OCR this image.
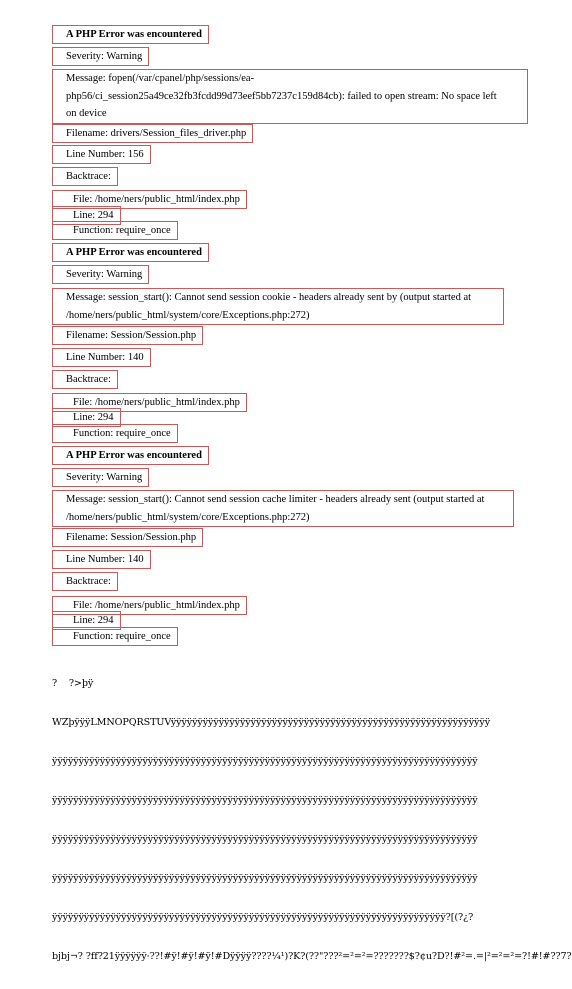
A PHP Error was encountered
Severity: Warning
Message: fopen(/var/cpanel/php/sessions/ea-
php56/ci_session25a49ce32fb3fcdd99d73eef5bb7237c159d84cb): failed to open stream: No space left
on device
Filename: drivers/Session_files_driver.php
Line Number: 156
Backtrace:
File: /home/ners/public_html/index.php
Line: 294
Function: require_once
A PHP Error was encountered
Severity: Warning
Message: session_start(): Cannot send session cookie - headers already sent by (output started at
/home/ners/public_html/system/core/Exceptions.php:272)
Filename: Session/Session.php
Line Number: 140
Backtrace:
File: /home/ners/public_html/index.php
Line: 294
Function: require_once
A PHP Error was encountered
Severity: Warning
Message: session_start(): Cannot send session cache limiter - headers already sent (output started at
/home/ners/public_html/system/core/Exceptions.php:272)
Filename: Session/Session.php
Line Number: 140
Backtrace:
File: /home/ners/public_html/index.php
Line: 294
Function: require_once

?    ?>þÿ

WZþÿÿÿLMNOPQRSTUVÿÿÿÿÿÿÿÿÿÿÿÿÿÿÿÿÿÿÿÿÿÿÿÿÿÿÿÿÿÿÿÿÿÿÿÿÿÿÿÿÿÿÿÿÿÿÿÿÿÿÿÿÿÿÿÿÿÿÿÿ

ÿÿÿÿÿÿÿÿÿÿÿÿÿÿÿÿÿÿÿÿÿÿÿÿÿÿÿÿÿÿÿÿÿÿÿÿÿÿÿÿÿÿÿÿÿÿÿÿÿÿÿÿÿÿÿÿÿÿÿÿÿÿÿÿÿÿÿÿÿÿÿÿÿÿÿÿÿÿÿÿ

ÿÿÿÿÿÿÿÿÿÿÿÿÿÿÿÿÿÿÿÿÿÿÿÿÿÿÿÿÿÿÿÿÿÿÿÿÿÿÿÿÿÿÿÿÿÿÿÿÿÿÿÿÿÿÿÿÿÿÿÿÿÿÿÿÿÿÿÿÿÿÿÿÿÿÿÿÿÿÿÿ

ÿÿÿÿÿÿÿÿÿÿÿÿÿÿÿÿÿÿÿÿÿÿÿÿÿÿÿÿÿÿÿÿÿÿÿÿÿÿÿÿÿÿÿÿÿÿÿÿÿÿÿÿÿÿÿÿÿÿÿÿÿÿÿÿÿÿÿÿÿÿÿÿÿÿÿÿÿÿÿÿ

ÿÿÿÿÿÿÿÿÿÿÿÿÿÿÿÿÿÿÿÿÿÿÿÿÿÿÿÿÿÿÿÿÿÿÿÿÿÿÿÿÿÿÿÿÿÿÿÿÿÿÿÿÿÿÿÿÿÿÿÿÿÿÿÿÿÿÿÿÿÿÿÿÿÿÿÿÿÿÿÿ

ÿÿÿÿÿÿÿÿÿÿÿÿÿÿÿÿÿÿÿÿÿÿÿÿÿÿÿÿÿÿÿÿÿÿÿÿÿÿÿÿÿÿÿÿÿÿÿÿÿÿÿÿÿÿÿÿÿÿÿÿÿÿÿÿÿÿÿÿÿÿÿÿÿÿ?[(?¿?

bjbj¬? ?ff?21ÿÿÿÿÿÿ·??!#ÿ!#ÿ!#ÿ!#Dÿÿÿÿ????¼¹)?K?(??"???²=²=²=???????$?¢u?D?!#²=.=|²=²=²=?!#!#??7?
